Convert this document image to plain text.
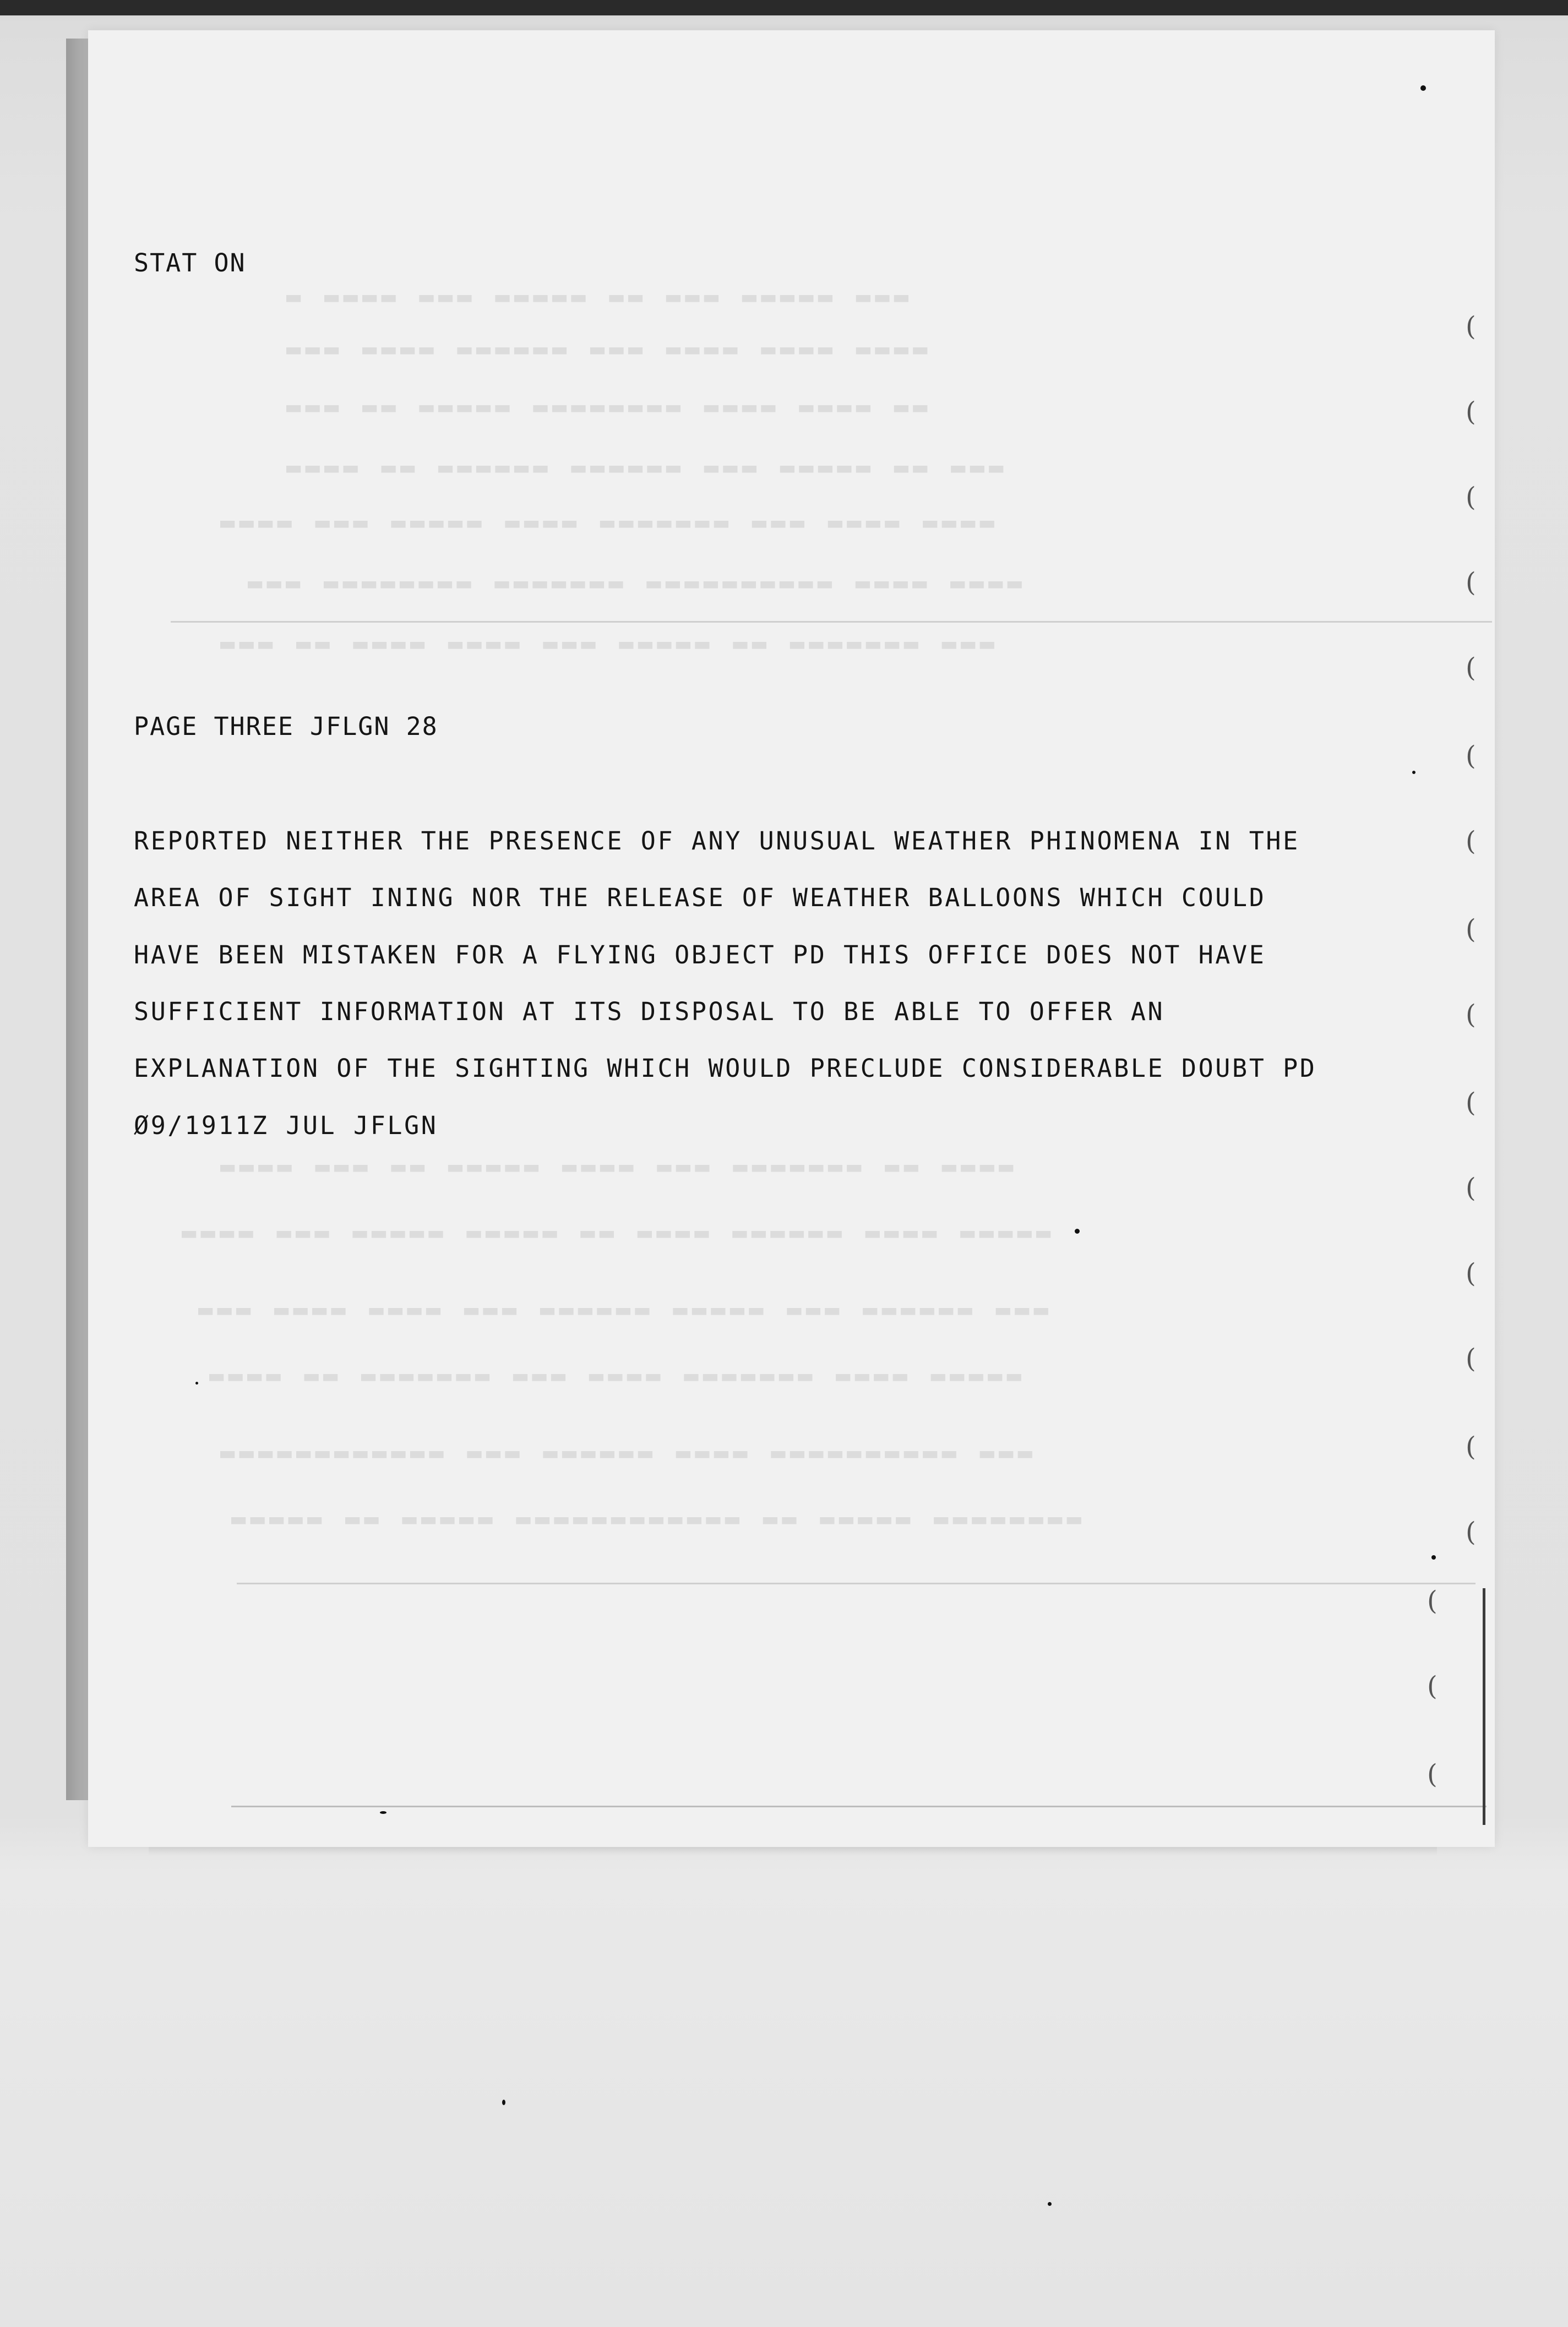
▬ ▬▬▬▬ ▬▬▬ ▬▬▬▬▬ ▬▬ ▬▬▬ ▬▬▬▬▬ ▬▬▬
▬▬▬ ▬▬▬▬ ▬▬▬▬▬▬ ▬▬▬ ▬▬▬▬ ▬▬▬▬ ▬▬▬▬
▬▬▬ ▬▬ ▬▬▬▬▬ ▬▬▬▬▬▬▬▬ ▬▬▬▬ ▬▬▬▬ ▬▬
▬▬▬▬ ▬▬ ▬▬▬▬▬▬ ▬▬▬▬▬▬ ▬▬▬ ▬▬▬▬▬ ▬▬ ▬▬▬
▬▬▬▬ ▬▬▬ ▬▬▬▬▬ ▬▬▬▬ ▬▬▬▬▬▬▬ ▬▬▬ ▬▬▬▬ ▬▬▬▬
▬▬▬ ▬▬▬▬▬▬▬▬ ▬▬▬▬▬▬▬ ▬▬▬▬▬▬▬▬▬▬ ▬▬▬▬ ▬▬▬▬
▬▬▬ ▬▬ ▬▬▬▬ ▬▬▬▬ ▬▬▬ ▬▬▬▬▬ ▬▬ ▬▬▬▬▬▬▬ ▬▬▬
▬▬▬▬ ▬▬▬ ▬▬ ▬▬▬▬▬ ▬▬▬▬ ▬▬▬ ▬▬▬▬▬▬▬ ▬▬ ▬▬▬▬
▬▬▬▬ ▬▬▬ ▬▬▬▬▬ ▬▬▬▬▬ ▬▬ ▬▬▬▬ ▬▬▬▬▬▬ ▬▬▬▬ ▬▬▬▬▬
▬▬▬ ▬▬▬▬ ▬▬▬▬ ▬▬▬ ▬▬▬▬▬▬ ▬▬▬▬▬ ▬▬▬ ▬▬▬▬▬▬ ▬▬▬
▬▬▬▬ ▬▬ ▬▬▬▬▬▬▬ ▬▬▬ ▬▬▬▬ ▬▬▬▬▬▬▬ ▬▬▬▬ ▬▬▬▬▬
▬▬▬▬▬▬▬▬▬▬▬▬ ▬▬▬ ▬▬▬▬▬▬ ▬▬▬▬ ▬▬▬▬▬▬▬▬▬▬ ▬▬▬
▬▬▬▬▬ ▬▬ ▬▬▬▬▬ ▬▬▬▬▬▬▬▬▬▬▬▬ ▬▬ ▬▬▬▬▬ ▬▬▬▬▬▬▬▬
STAT ON
PAGE THREE JFLGN 28
REPORTED NEITHER THE PRESENCE OF ANY UNUSUAL WEATHER PHINOMENA IN THE
AREA OF SIGHT INING NOR THE RELEASE OF WEATHER BALLOONS WHICH COULD
HAVE BEEN MISTAKEN FOR A FLYING OBJECT PD THIS OFFICE DOES NOT HAVE
SUFFICIENT INFORMATION AT ITS DISPOSAL TO BE ABLE TO OFFER AN
EXPLANATION OF THE SIGHTING WHICH WOULD PRECLUDE CONSIDERABLE DOUBT PD
Ø9/1911Z JUL JFLGN
(
(
(
(
(
(
(
(
(
(
(
(
(
(
(
(
(
(
